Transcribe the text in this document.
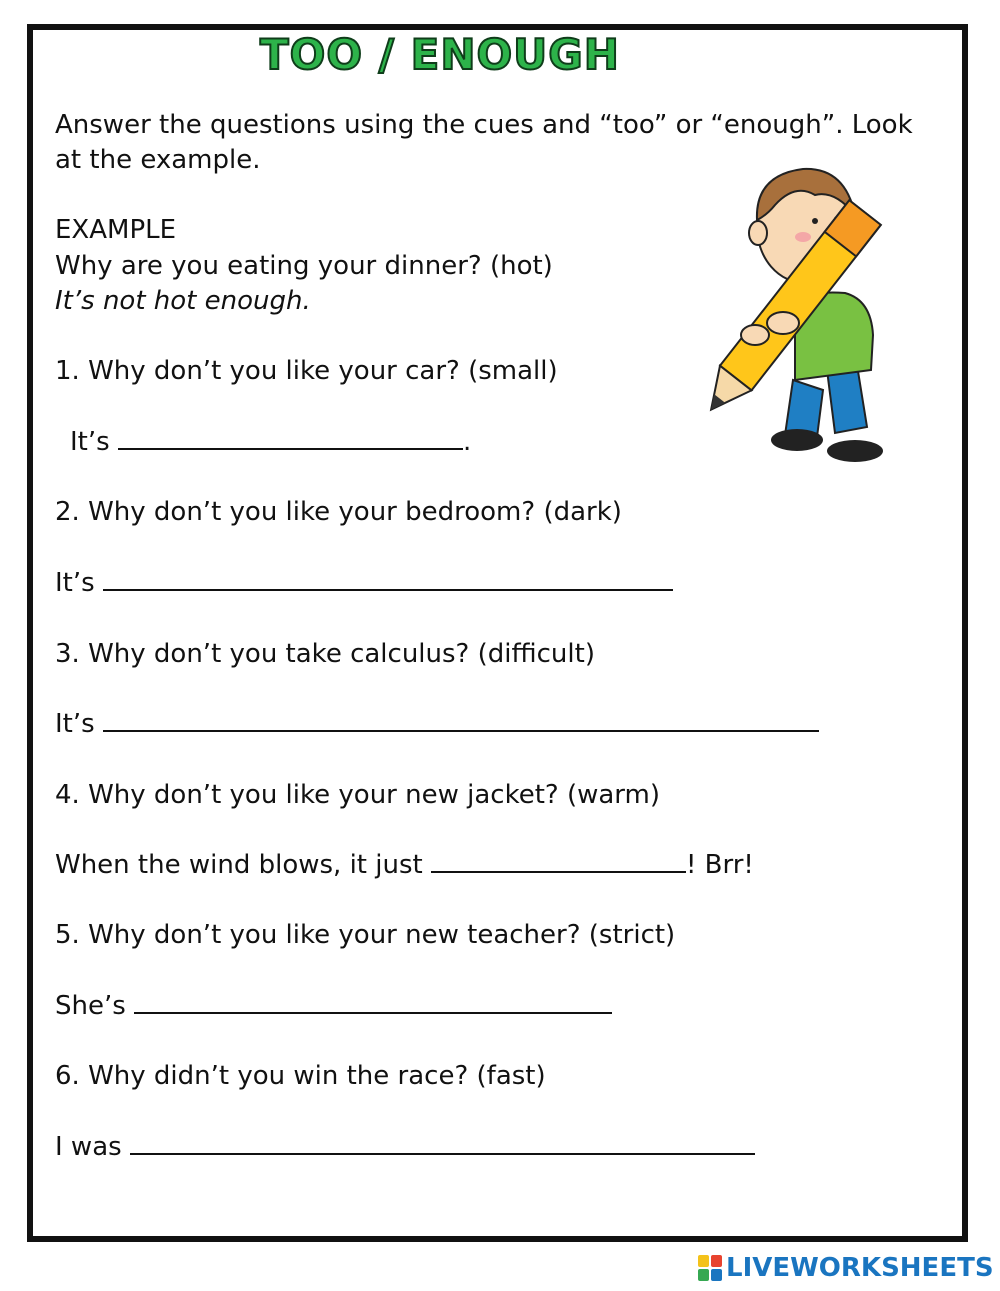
TOO / ENOUGH
Answer the questions using the cues and “too” or “enough”. Look
at the example.
EXAMPLE
Why are you eating your dinner? (hot)
It’s not hot enough.
1. Why don’t you like your car? (small)
It’s	.
2. Why don’t you like your bedroom? (dark)
It’s
3. Why don’t you take calculus? (difficult)
It’s
4. Why don’t you like your new jacket? (warm)
When the wind blows, it just	! Brr!
5. Why don’t you like your new teacher? (strict)
She’s
6. Why didn’t you win the race? (fast)
I was
LIVEWORKSHEETS
